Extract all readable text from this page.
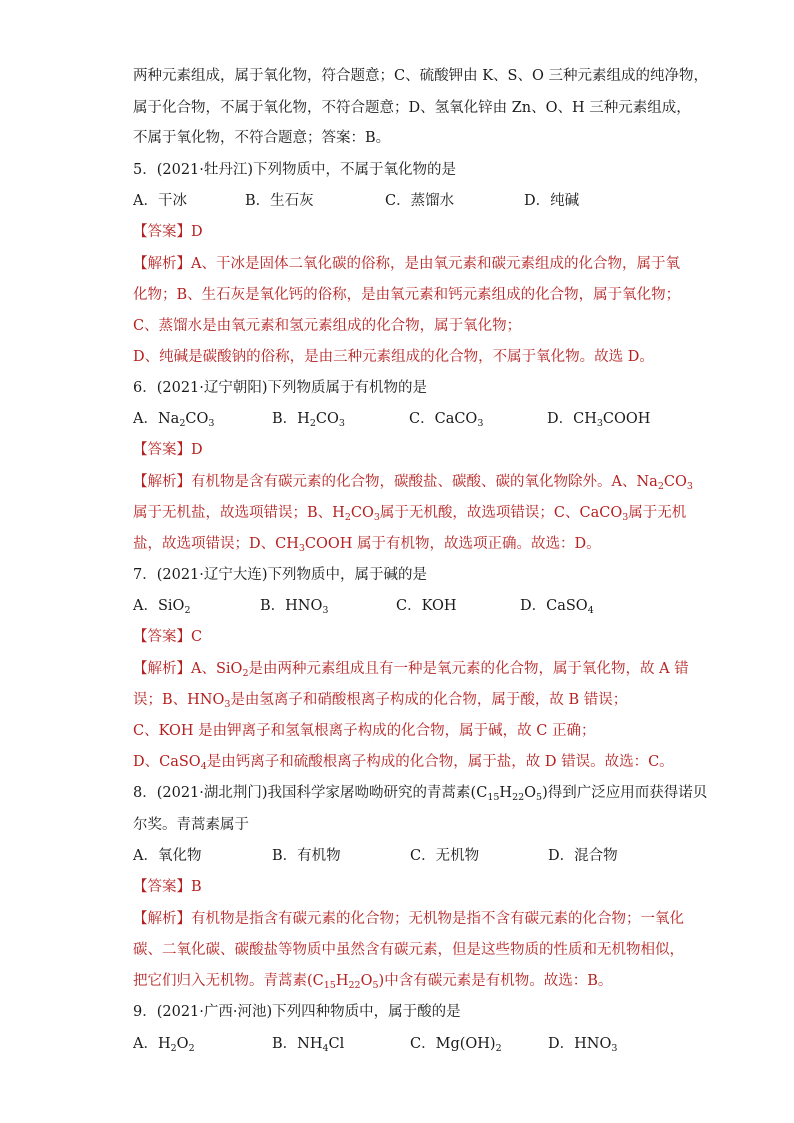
两种元素组成，属于氧化物，符合题意；C、硫酸钾由 K、S、O 三种元素组成的纯净物，
属于化合物，不属于氧化物，不符合题意；D、氢氧化锌由 Zn、O、H 三种元素组成，
不属于氧化物，不符合题意；答案：B。
5．(2021·牡丹江)下列物质中，不属于氧化物的是
A．干冰	B．生石灰	C．蒸馏水	D．纯碱
【答案】D
【解析】A、干冰是固体二氧化碳的俗称，是由氧元素和碳元素组成的化合物，属于氧
化物；B、生石灰是氧化钙的俗称，是由氧元素和钙元素组成的化合物，属于氧化物；
C、蒸馏水是由氧元素和氢元素组成的化合物，属于氧化物；
D、纯碱是碳酸钠的俗称，是由三种元素组成的化合物，不属于氧化物。故选 D。
6．(2021·辽宁朝阳)下列物质属于有机物的是
A．$Na_2CO_3$	B．$H_2CO_3$	C．CaCO$_3$	D．$CH_3COOH$
【答案】D
【解析】有机物是含有碳元素的化合物，碳酸盐、碳酸、碳的氧化物除外。A、$Na_2CO_3$
属于无机盐，故选项错误；B、$H_2CO_3$属于无机酸，故选项错误；C、CaCO$_3$属于无机
盐，故选项错误；D、$CH_3COOH$ 属于有机物，故选项正确。故选：D。
7．(2021·辽宁大连)下列物质中，属于碱的是
A．SiO$_2$	B．$HNO_3$	C．KOH	D．CaSO$_4$
【答案】C
【解析】A、SiO$_2$是由两种元素组成且有一种是氧元素的化合物，属于氧化物，故 A 错
误；B、$HNO_3$是由氢离子和硝酸根离子构成的化合物，属于酸，故 B 错误；
C、KOH 是由钾离子和氢氧根离子构成的化合物，属于碱，故 C 正确；
D、CaSO$_4$是由钙离子和硫酸根离子构成的化合物，属于盐，故 D 错误。故选：C。
8．(2021·湖北荆门)我国科学家屠呦呦研究的青蒿素$(C_{15}H_{22}O_5)$得到广泛应用而获得诺贝
尔奖。青蒿素属于
A．氧化物	B．有机物	C．无机物	D．混合物
【答案】B
【解析】有机物是指含有碳元素的化合物；无机物是指不含有碳元素的化合物；一氧化
碳、二氧化碳、碳酸盐等物质中虽然含有碳元素，但是这些物质的性质和无机物相似，
把它们归入无机物。青蒿素$(C_{15}H_{22}O_5)$中含有碳元素是有机物。故选：B。
9．(2021·广西·河池)下列四种物质中，属于酸的是
A．$H_2O_2$	B．$NH_4Cl$	C．$Mg(OH)_2$	D．$HNO_3$
